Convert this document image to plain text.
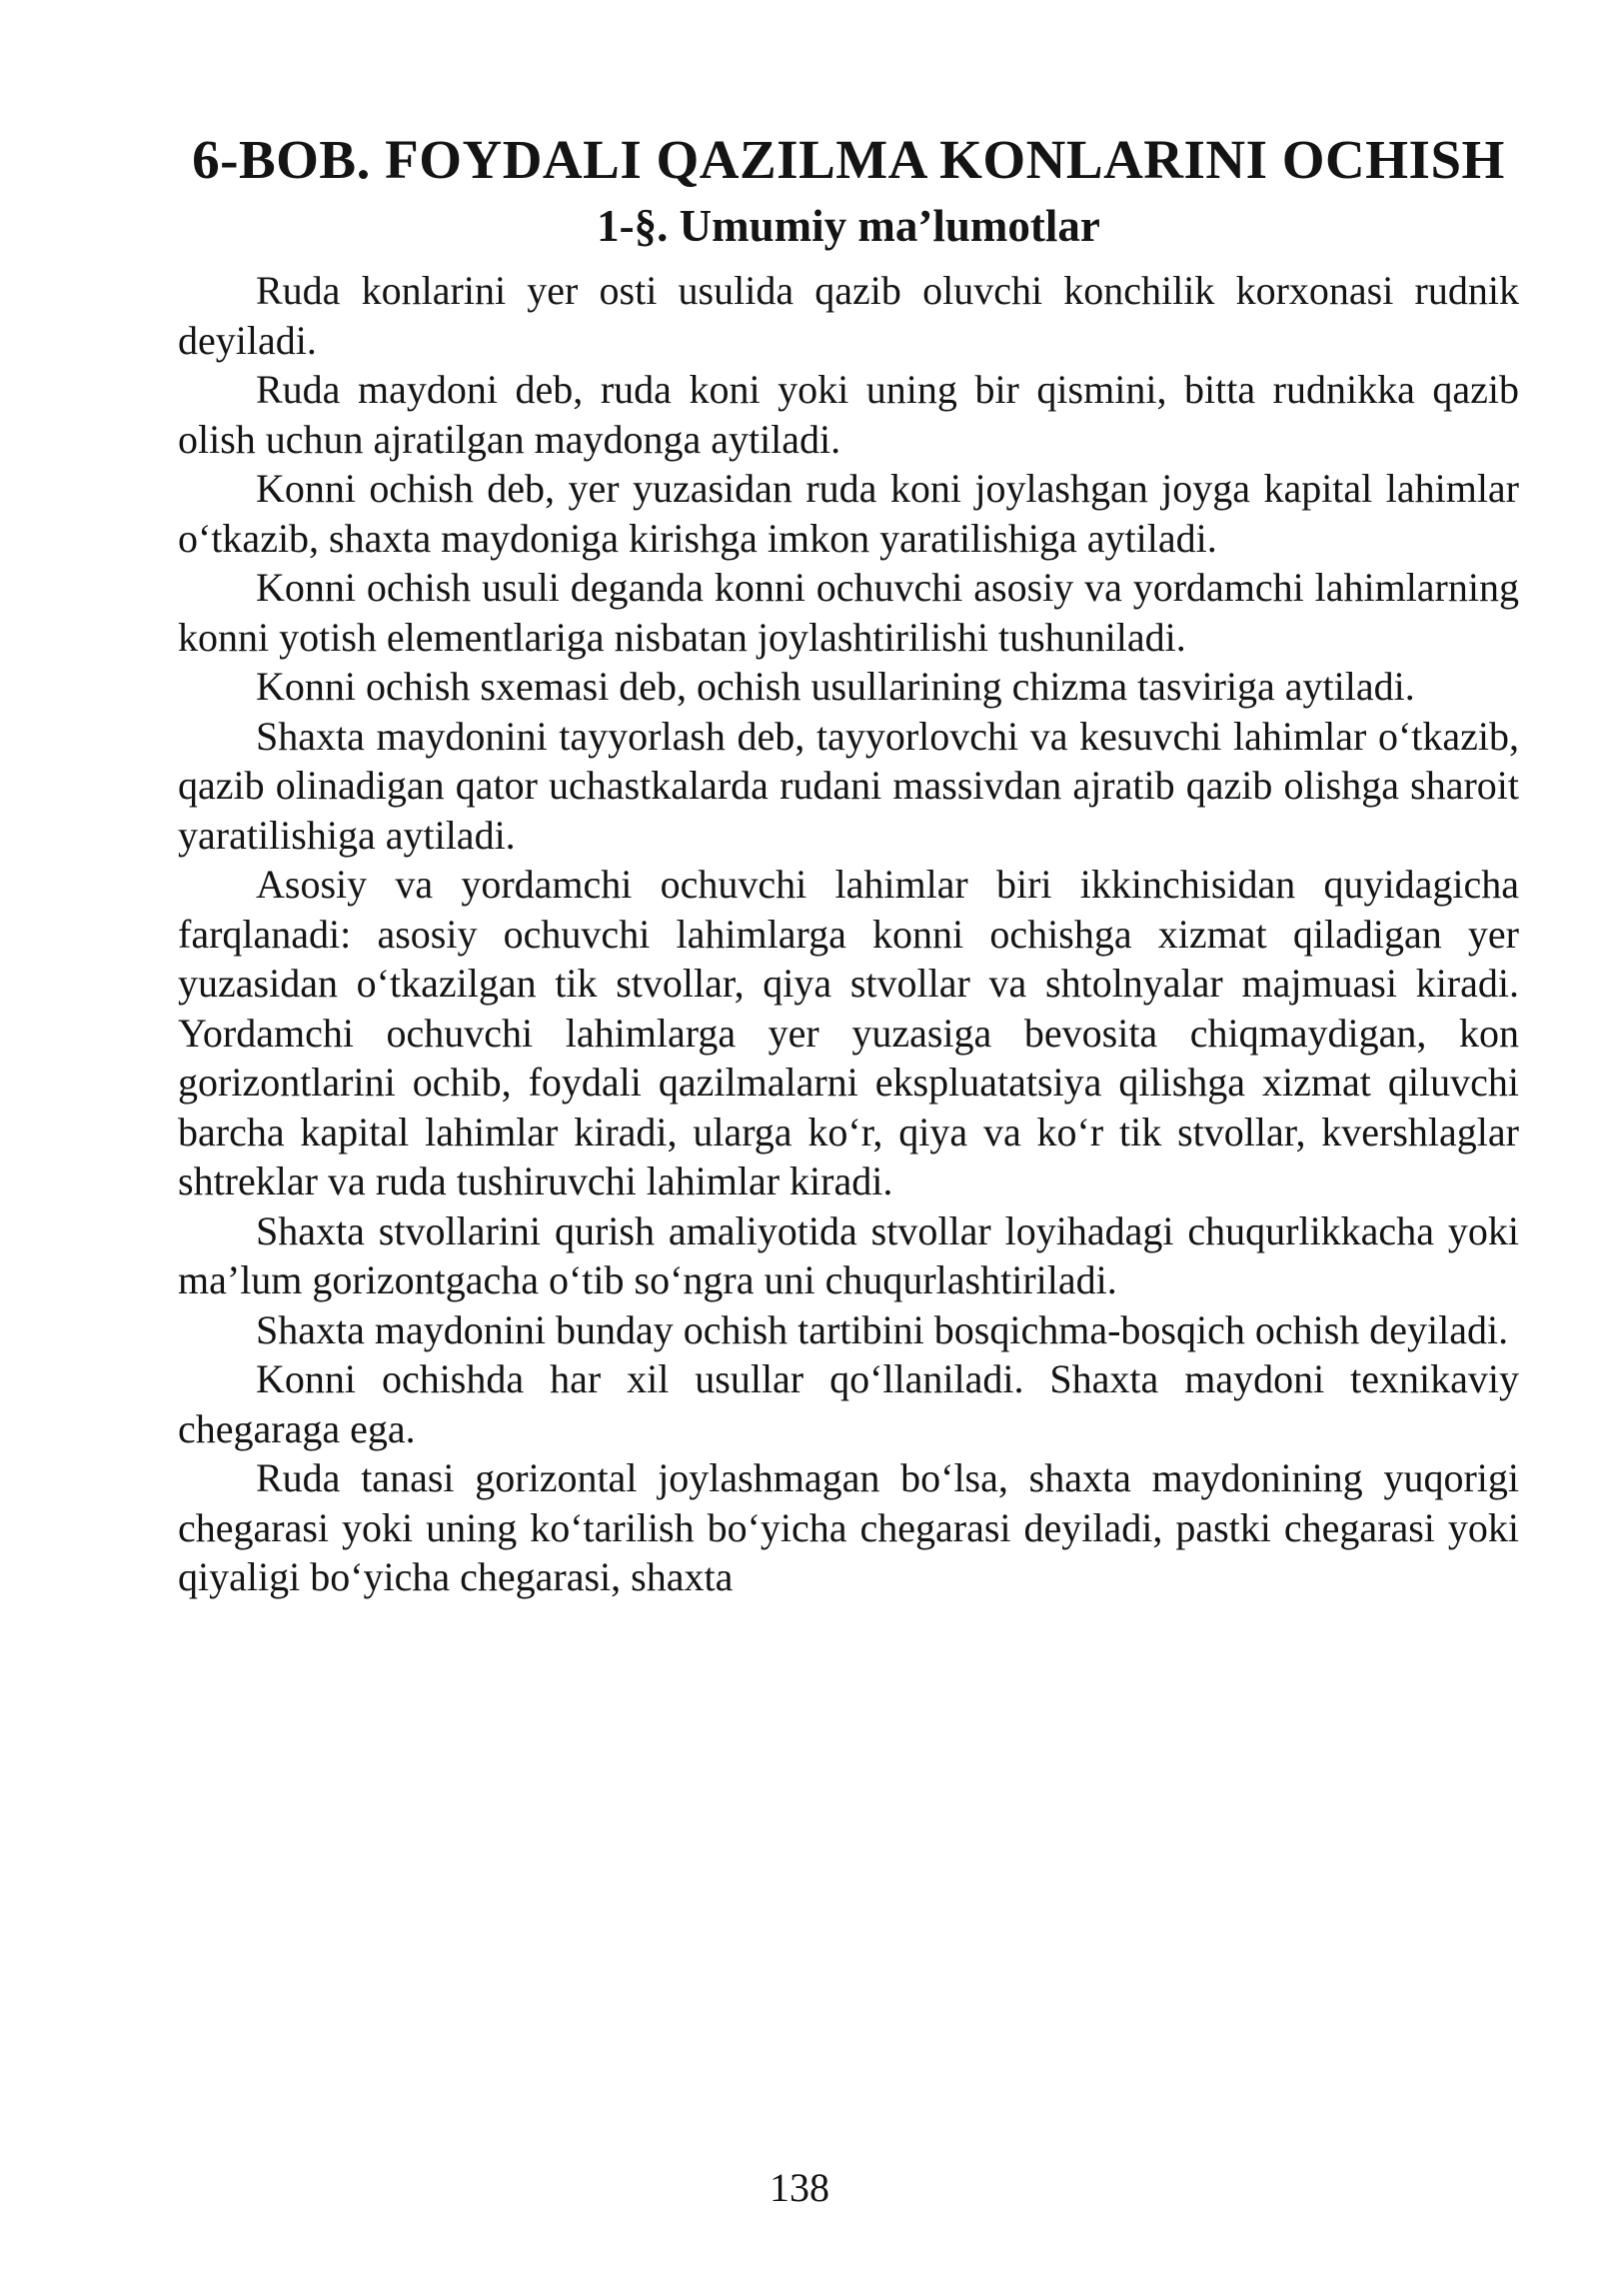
6-BOB. FOYDALI QAZILMA KONLARINI OCHISH
1-§. Umumiy ma’lumotlar

Ruda konlarini yer osti usulida qazib oluvchi konchilik korxonasi rudnik deyiladi.

Ruda maydoni deb, ruda koni yoki uning bir qismini, bitta rudnikka qazib olish uchun ajratilgan maydonga aytiladi.

Konni ochish deb, yer yuzasidan ruda koni joylashgan joyga kapital lahimlar o‘tkazib, shaxta maydoniga kirishga imkon yaratilishiga aytiladi.

Konni ochish usuli deganda konni ochuvchi asosiy va yordamchi lahimlarning konni yotish elementlariga nisbatan joylashtirilishi tushuniladi.

Konni ochish sxemasi deb, ochish usullarining chizma tasviriga aytiladi.

Shaxta maydonini tayyorlash deb, tayyorlovchi va kesuvchi lahimlar o‘tkazib, qazib olinadigan qator uchastkalarda rudani massivdan ajratib qazib olishga sharoit yaratilishiga aytiladi.

Asosiy va yordamchi ochuvchi lahimlar biri ikkinchisidan quyidagicha farqlanadi: asosiy ochuvchi lahimlarga konni ochishga xizmat qiladigan yer yuzasidan o‘tkazilgan tik stvollar, qiya stvollar va shtolnyalar majmuasi kiradi. Yordamchi ochuvchi lahimlarga yer yuzasiga bevosita chiqmaydigan, kon gorizontlarini ochib, foydali qazilmalarni ekspluatatsiya qilishga xizmat qiluvchi barcha kapital lahimlar kiradi, ularga ko‘r, qiya va ko‘r tik stvollar, kvershlaglar shtreklar va ruda tushiruvchi lahimlar kiradi.

Shaxta stvollarini qurish amaliyotida stvollar loyihadagi chuqurlikkacha yoki ma’lum gorizontgacha o‘tib so‘ngra uni chuqurlashtiriladi.

Shaxta maydonini bunday ochish tartibini bosqichma-bosqich ochish deyiladi.

Konni ochishda har xil usullar qo‘llaniladi. Shaxta maydoni texnikaviy chegaraga ega.

Ruda tanasi gorizontal joylashmagan bo‘lsa, shaxta maydonining yuqorigi chegarasi yoki uning ko‘tarilish bo‘yicha chegarasi deyiladi, pastki chegarasi yoki qiyaligi bo‘yicha chegarasi, shaxta

138
